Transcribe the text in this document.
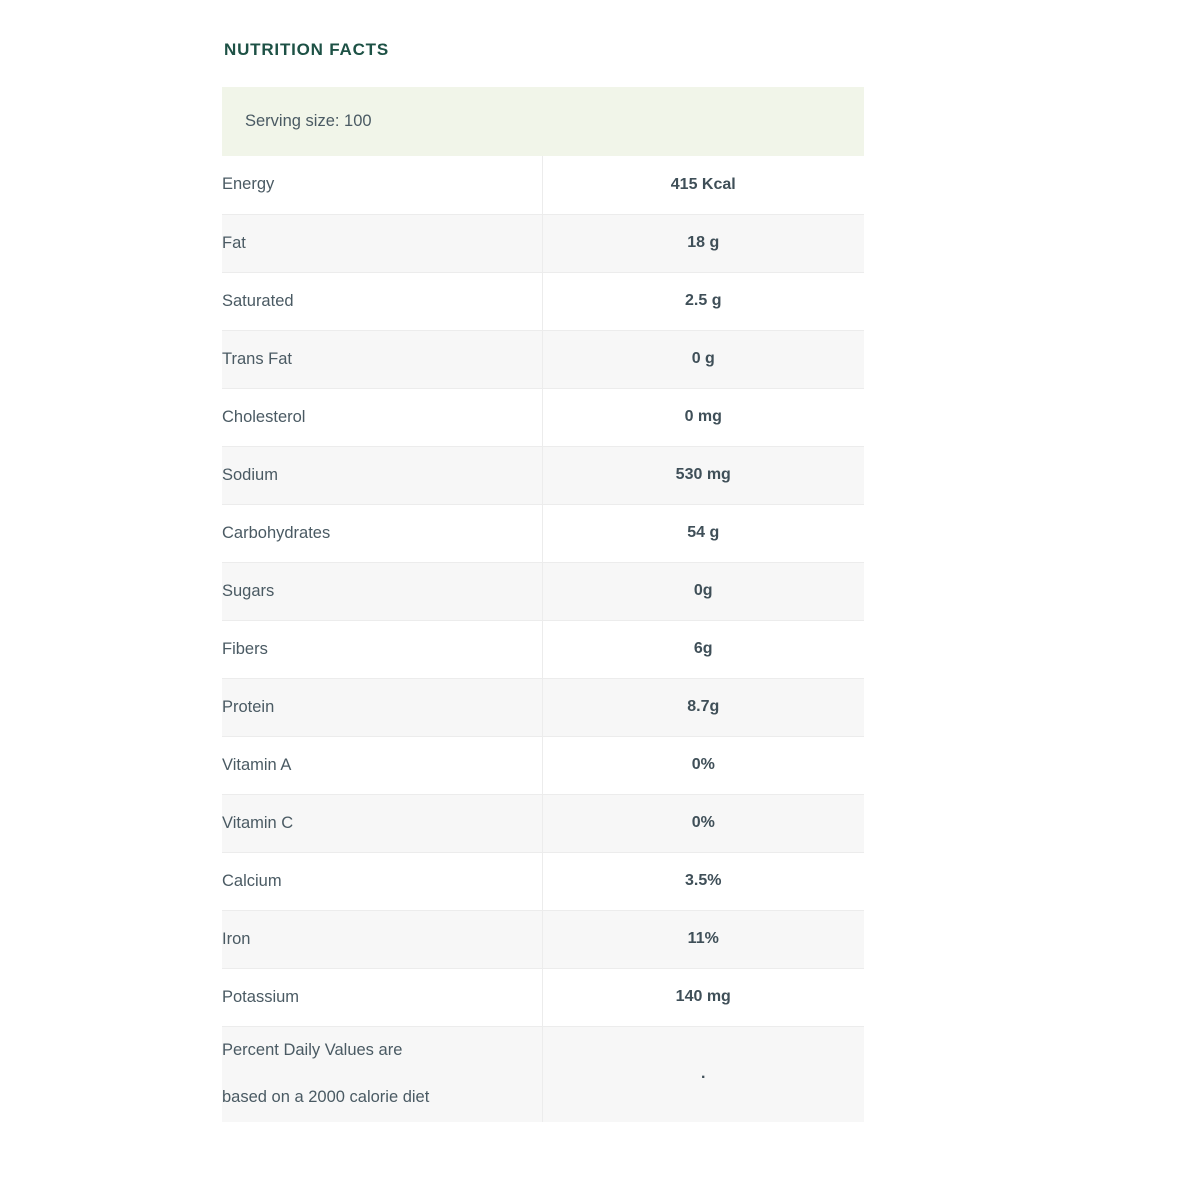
NUTRITION FACTS
Serving size: 100
Energy	415 Kcal
Fat	18 g
Saturated	2.5 g
Trans Fat	0 g
Cholesterol	0 mg
Sodium	530 mg
Carbohydrates	54 g
Sugars	0g
Fibers	6g
Protein	8.7g
Vitamin A	0%
Vitamin C	0%
Calcium	3.5%
Iron	11%
Potassium	140 mg
Percent Daily Values are
based on a 2000 calorie diet	.
